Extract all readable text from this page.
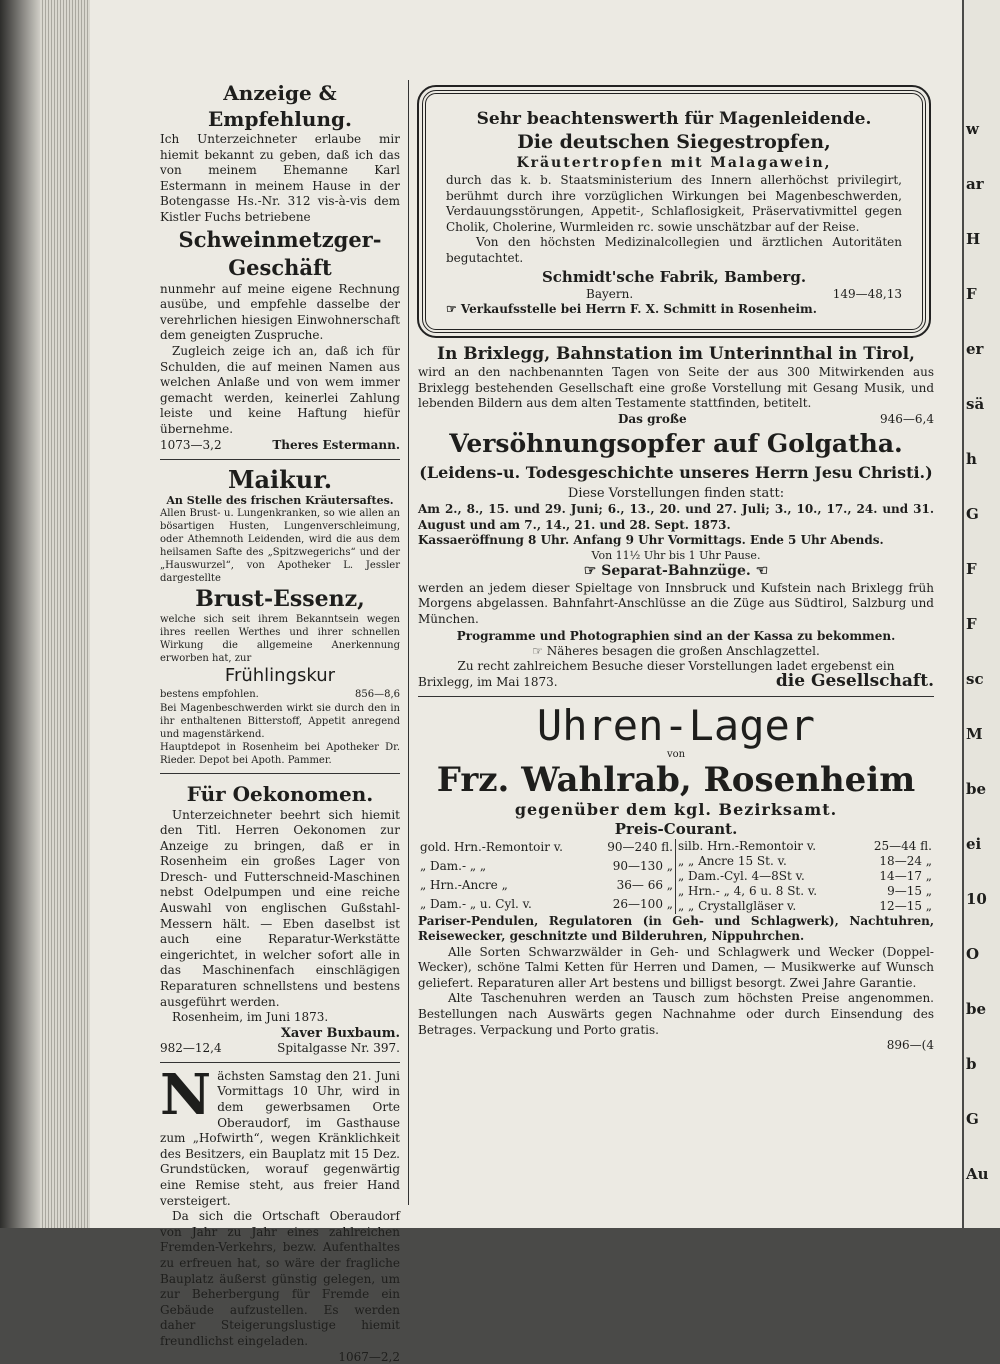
Anzeige & Empfehlung.

Ich Unterzeichneter erlaube mir hiemit bekannt zu geben, daß ich das von meinem Ehemanne Karl Estermann in meinem Hause in der Botengasse Hs.-Nr. 312 vis-à-vis dem Kistler Fuchs betriebene

Schweinmetzger-Geschäft

nunmehr auf meine eigene Rechnung ausübe, und empfehle dasselbe der verehrlichen hiesigen Einwohnerschaft dem geneigten Zuspruche.

Zugleich zeige ich an, daß ich für Schulden, die auf meinen Namen aus welchen Anlaße und von wem immer gemacht werden, keinerlei Zahlung leiste und keine Haftung hiefür übernehme.

1073—3,2	Theres Estermann.

Maikur.

An Stelle des frischen Kräutersaftes.

Allen Brust- u. Lungenkranken, so wie allen an bösartigen Husten, Lungenverschleimung, oder Athemnoth Leidenden, wird die aus dem heilsamen Safte des „Spitzwegerichs“ und der „Hauswurzel“, von Apotheker L. Jessler dargestellte

Brust-Essenz,

welche sich seit ihrem Bekanntsein wegen ihres reellen Werthes und ihrer schnellen Wirkung die allgemeine Anerkennung erworben hat, zur

Frühlingskur

bestens empfohlen.	856—8,6

Bei Magenbeschwerden wirkt sie durch den in ihr enthaltenen Bitterstoff, Appetit anregend und magenstärkend.

Hauptdepot in Rosenheim bei Apotheker Dr. Rieder. Depot bei Apoth. Pammer.

Für Oekonomen.

Unterzeichneter beehrt sich hiemit den Titl. Herren Oekonomen zur Anzeige zu bringen, daß er in Rosenheim ein großes Lager von Dresch- und Futterschneid-Maschinen nebst Odelpumpen und eine reiche Auswahl von englischen Gußstahl-Messern hält. — Eben daselbst ist auch eine Reparatur-Werkstätte eingerichtet, in welcher sofort alle in das Maschinenfach einschlägigen Reparaturen schnellstens und bestens ausgeführt werden.

Rosenheim, im Juni 1873.

Xaver Buxbaum.

982—12,4	Spitalgasse Nr. 397.
N ächsten Samstag den 21. Juni Vormittags 10 Uhr, wird in dem gewerbsamen Orte Oberaudorf, im Gasthause zum „Hofwirth“, wegen Kränklichkeit des Besitzers, ein Bauplatz mit 15 Dez. Grundstücken, worauf gegenwärtig eine Remise steht, aus freier Hand versteigert.

Da sich die Ortschaft Oberaudorf von Jahr zu Jahr eines zahlreichen Fremden-Verkehrs, bezw. Aufenthaltes zu erfreuen hat, so wäre der fragliche Bauplatz äußerst günstig gelegen, um zur Beherbergung für Fremde ein Gebäude aufzustellen. Es werden daher Steigerungslustige hiemit freundlichst eingeladen.

1067—2,2

Sehr beachtenswerth für Magenleidende.

Die deutschen Siegestropfen,

Kräutertropfen mit Malagawein,

durch das k. b. Staatsministerium des Innern allerhöchst privilegirt, berühmt durch ihre vorzüglichen Wirkungen bei Magenbeschwerden, Verdauungsstörungen, Appetit-, Schlaflosigkeit, Präservativmittel gegen Cholik, Cholerine, Wurmleiden rc. sowie unschätzbar auf der Reise.

Von den höchsten Medizinalcollegien und ärztlichen Autoritäten begutachtet.

Schmidt'sche Fabrik, Bamberg.

Bayern.	149—48,13

☞ Verkaufsstelle bei Herrn F. X. Schmitt in Rosenheim.

In Brixlegg, Bahnstation im Unterinnthal in Tirol,

wird an den nachbenannten Tagen von Seite der aus 300 Mitwirkenden aus Brixlegg bestehenden Gesellschaft eine große Vorstellung mit Gesang Musik, und lebenden Bildern aus dem alten Testamente stattfinden, betitelt.

Das große	946—6,4

Versöhnungsopfer auf Golgatha.

(Leidens-u. Todesgeschichte unseres Herrn Jesu Christi.)

Diese Vorstellungen finden statt:

Am 2., 8., 15. und 29. Juni; 6., 13., 20. und 27. Juli; 3., 10., 17., 24. und 31. August und am 7., 14., 21. und 28. Sept. 1873.

Kassaeröffnung 8 Uhr. Anfang 9 Uhr Vormittags. Ende 5 Uhr Abends.

Von 11½ Uhr bis 1 Uhr Pause.

☞ Separat-Bahnzüge. ☜

werden an jedem dieser Spieltage von Innsbruck und Kufstein nach Brixlegg früh Morgens abgelassen. Bahnfahrt-Anschlüsse an die Züge aus Südtirol, Salzburg und München.

Programme und Photographien sind an der Kassa zu bekommen.

☞ Näheres besagen die großen Anschlagzettel.

Zu recht zahlreichem Besuche dieser Vorstellungen ladet ergebenst ein

Brixlegg, im Mai 1873.	die Gesellschaft.

Uhren-Lager

von

Frz. Wahlrab, Rosenheim

gegenüber dem kgl. Bezirksamt.

Preis-Courant.

gold. Hrn.-Remontoir v.	90—240 fl.
„ Dam.- „ „	90—130 „
„ Hrn.-Ancre „	36— 66 „
„ Dam.- „ u. Cyl. v.	26—100 „
silb. Hrn.-Remontoir v.	25—44 fl.
„ „ Ancre 15 St. v.	18—24 „
„ Dam.-Cyl. 4—8St v.	14—17 „
„ Hrn.- „ 4, 6 u. 8 St. v.	9—15 „
„ „ Crystallgläser v.	12—15 „

Pariser-Pendulen, Regulatoren (in Geh- und Schlagwerk), Nachtuhren, Reisewecker, geschnitzte und Bilderuhren, Nippuhrchen.

Alle Sorten Schwarzwälder in Geh- und Schlagwerk und Wecker (Doppel-Wecker), schöne Talmi Ketten für Herren und Damen, — Musikwerke auf Wunsch geliefert. Reparaturen aller Art bestens und billigst besorgt. Zwei Jahre Garantie.

Alte Taschenuhren werden an Tausch zum höchsten Preise angenommen. Bestellungen nach Auswärts gegen Nachnahme oder durch Einsendung des Betrages. Verpackung und Porto gratis.

896—(4

w
ar
H
F
er
sä
h
G
F
F
sc
M
be
ei
10
O
be
b
G
Au
